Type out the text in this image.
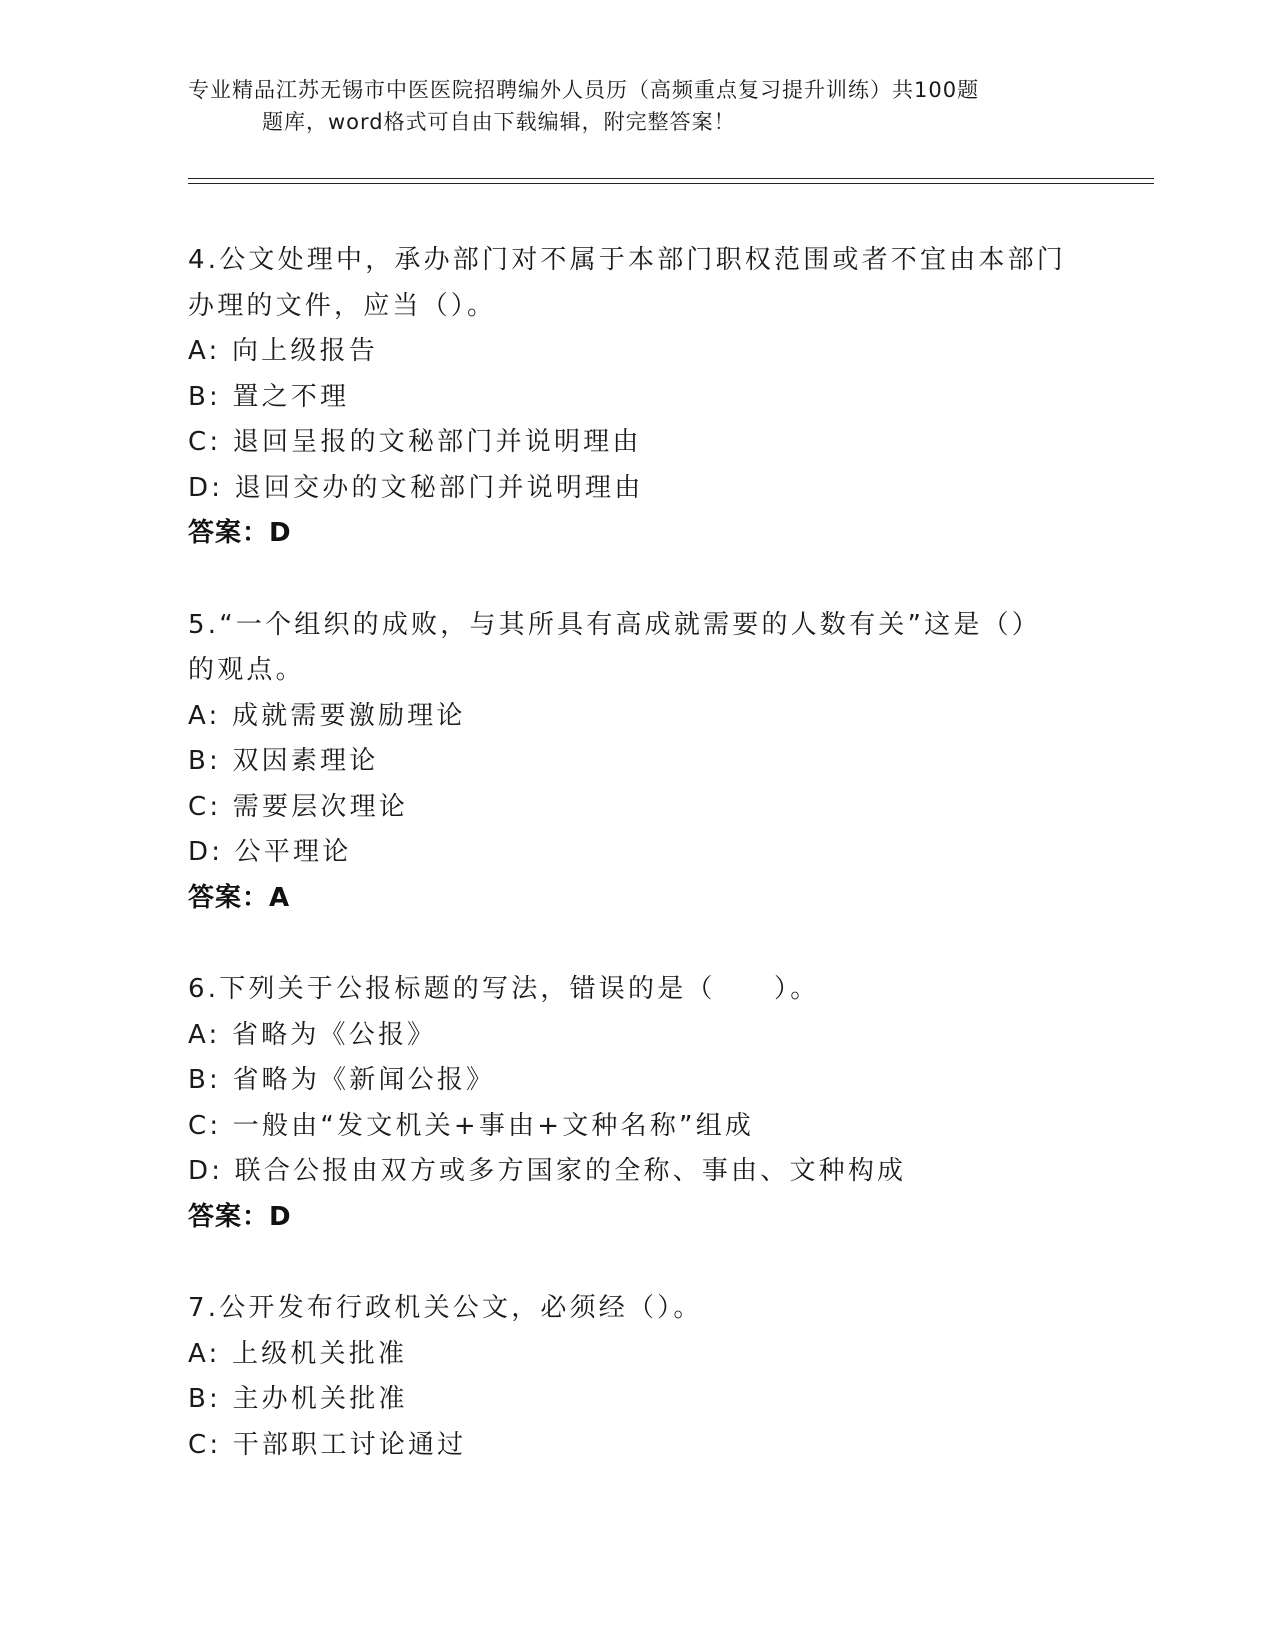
专业精品江苏无锡市中医医院招聘编外人员历（高频重点复习提升训练）共100题
题库，word格式可自由下载编辑，附完整答案！
4.公文处理中，承办部门对不属于本部门职权范围或者不宜由本部门
办理的文件，应当（）。
A: 向上级报告
B: 置之不理
C: 退回呈报的文秘部门并说明理由
D: 退回交办的文秘部门并说明理由
答案：D
5.“一个组织的成败，与其所具有高成就需要的人数有关”这是（）
的观点。
A: 成就需要激励理论
B: 双因素理论
C: 需要层次理论
D: 公平理论
答案：A
6.下列关于公报标题的写法，错误的是（　　）。
A: 省略为《公报》
B: 省略为《新闻公报》
C: 一般由“发文机关+事由+文种名称”组成
D: 联合公报由双方或多方国家的全称、事由、文种构成
答案：D
7.公开发布行政机关公文，必须经（）。
A: 上级机关批准
B: 主办机关批准
C: 干部职工讨论通过
